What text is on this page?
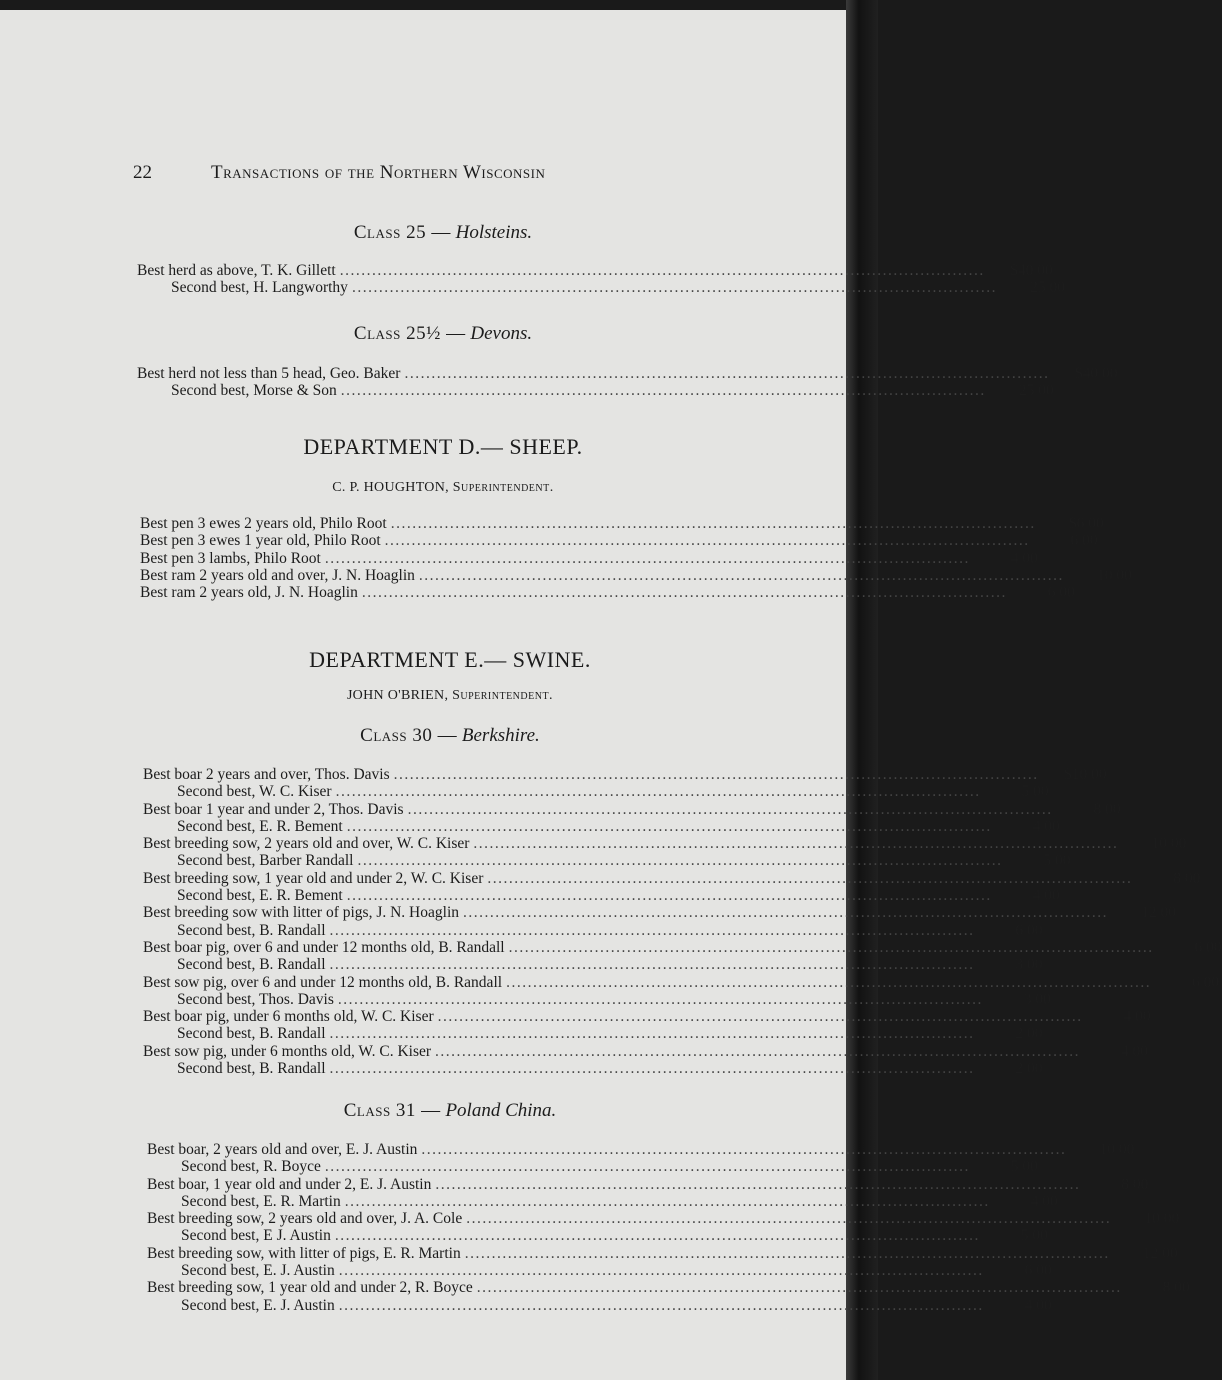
22	Transactions of the Northern Wisconsin
Class 25 — Holsteins.
Best herd as above, T. K. Gillett ........................................................................................................................	$40 00
Second best, H. Langworthy ........................................................................................................................	25 00
Class 25½ — Devons.
Best herd not less than 5 head, Geo. Baker ........................................................................................................................	$40 00
Second best, Morse & Son ........................................................................................................................	25 00
DEPARTMENT D.— SHEEP.
C. P. HOUGHTON, Superintendent.
Best pen 3 ewes 2 years old, Philo Root ........................................................................................................................	$6 00
Best pen 3 ewes 1 year old, Philo Root ........................................................................................................................	6 00
Best pen 3 lambs, Philo Root ........................................................................................................................	4 00
Best ram 2 years old and over, J. N. Hoaglin ........................................................................................................................	10 00
Best ram 2 years old, J. N. Hoaglin ........................................................................................................................	6 00
DEPARTMENT E.— SWINE.
JOHN O'BRIEN, Superintendent.
Class 30 — Berkshire.
Best boar 2 years and over, Thos. Davis ........................................................................................................................	$10 00
Second best, W. C. Kiser ........................................................................................................................	5 00
Best boar 1 year and under 2, Thos. Davis ........................................................................................................................	8 00
Second best, E. R. Bement ........................................................................................................................	4 00
Best breeding sow, 2 years old and over, W. C. Kiser ........................................................................................................................	10 00
Second best, Barber Randall ........................................................................................................................	5 00
Best breeding sow, 1 year old and under 2, W. C. Kiser ........................................................................................................................	8 00
Second best, E. R. Bement ........................................................................................................................	4 00
Best breeding sow with litter of pigs, J. N. Hoaglin ........................................................................................................................	12 00
Second best, B. Randall ........................................................................................................................	6 00
Best boar pig, over 6 and under 12 months old, B. Randall ........................................................................................................................	6 00
Second best, B. Randall ........................................................................................................................	3 00
Best sow pig, over 6 and under 12 months old, B. Randall ........................................................................................................................	6 00
Second best, Thos. Davis ........................................................................................................................	3 00
Best boar pig, under 6 months old, W. C. Kiser ........................................................................................................................	4 00
Second best, B. Randall ........................................................................................................................	2 00
Best sow pig, under 6 months old, W. C. Kiser ........................................................................................................................	4 00
Second best, B. Randall ........................................................................................................................	2 00
Class 31 — Poland China.
Best boar, 2 years old and over, E. J. Austin ........................................................................................................................	10 00
Second best, R. Boyce ........................................................................................................................	5 00
Best boar, 1 year old and under 2, E. J. Austin ........................................................................................................................	8 00
Second best, E. R. Martin ........................................................................................................................	4 00
Best breeding sow, 2 years old and over, J. A. Cole ........................................................................................................................	10 00
Second best, E J. Austin ........................................................................................................................	5 00
Best breeding sow, with litter of pigs, E. R. Martin ........................................................................................................................	12 00
Second best, E. J. Austin ........................................................................................................................	6 00
Best breeding sow, 1 year old and under 2, R. Boyce ........................................................................................................................	8 00
Second best, E. J. Austin ........................................................................................................................	4 00
